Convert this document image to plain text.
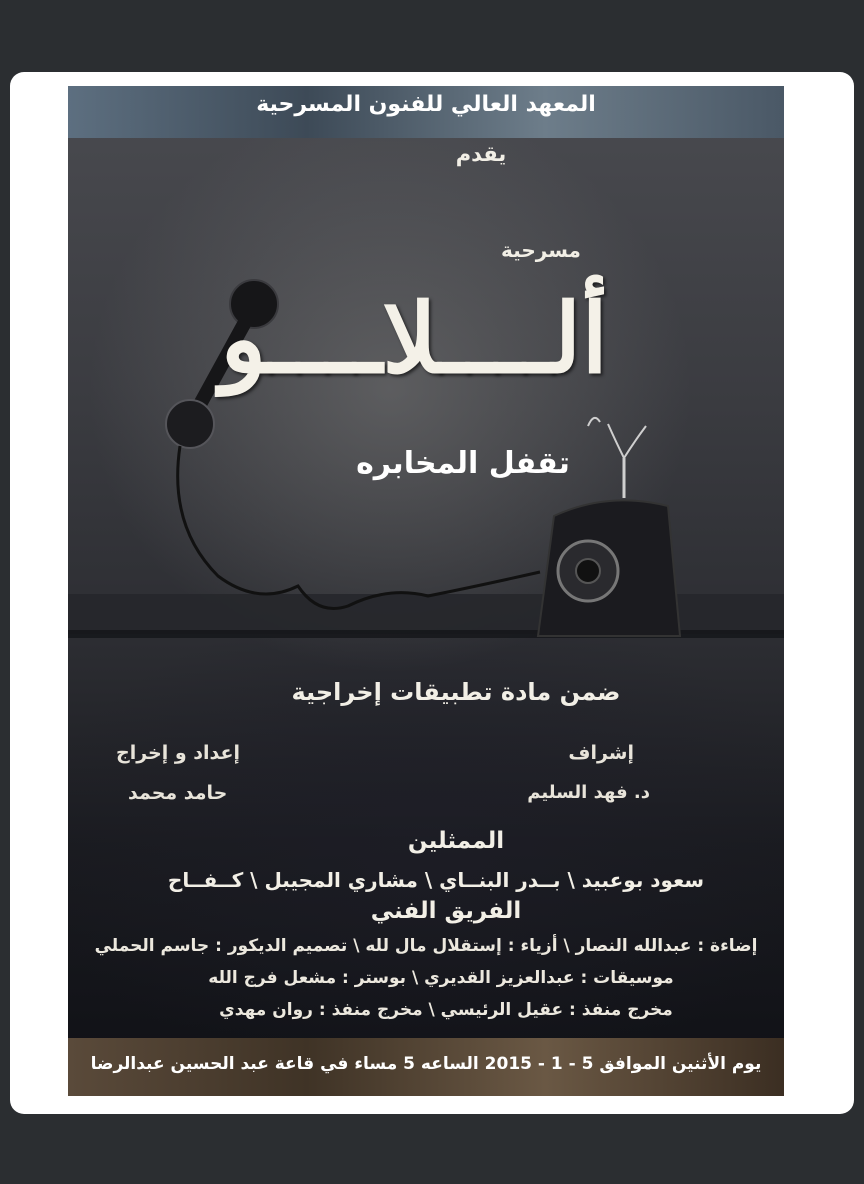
المعهد العالي للفنون المسرحية
يقدم
مسرحية
ألــــلاــــو
تقفل المخابره
ضمن مادة تطبيقات إخراجية
إشراف
د. فهد السليم
إعداد و إخراج
حامد محمد
الممثلين
سعود بوعبيد \ بــدر البنــاي \ مشاري المجيبل \ كــفــاح
الفريق الفني
إضاءة : عبدالله النصار \ أزياء : إستقلال مال لله \ تصميم الديكور : جاسم الحملي
موسيقات : عبدالعزيز القديري \ بوستر : مشعل فرج الله
مخرج منفذ : عقيل الرئيسي \ مخرج منفذ : روان مهدي
يوم الأثنين الموافق 5 - 1 - 2015 الساعه 5 مساء في قاعة عبد الحسين عبدالرضا
